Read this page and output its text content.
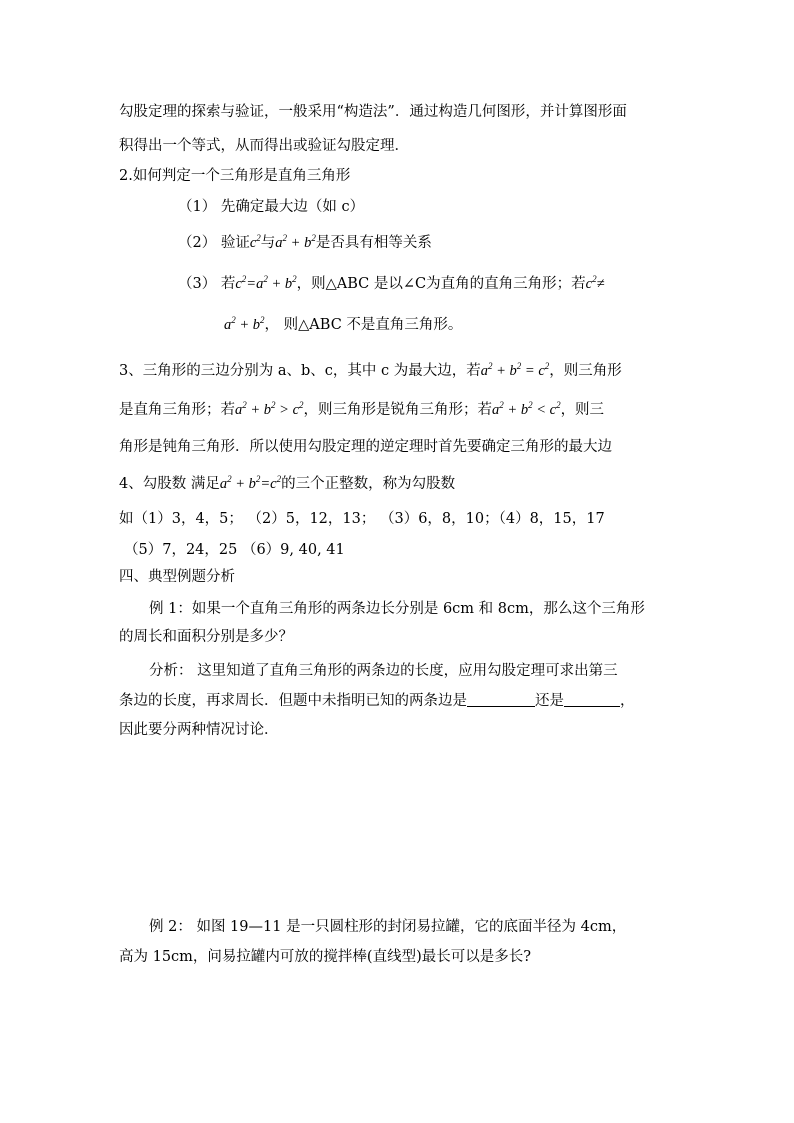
勾股定理的探索与验证，一般采用“构造法”．通过构造几何图形，并计算图形面
积得出一个等式，从而得出或验证勾股定理．
2.如何判定一个三角形是直角三角形
（1） 先确定最大边（如 c）
（2） 验证$c^2$与$a^2 + b^2$是否具有相等关系
（3） 若$c^2=a^2 + b^2$，则△ABC 是以∠C为直角的直角三角形；若$c^2\ne$
$a^2 + b^2$， 则△ABC 不是直角三角形。
3、三角形的三边分别为 a、b、c，其中 c 为最大边，若$a^2 + b^2 = c^2$，则三角形
是直角三角形；若$a^2 + b^2 > c^2$，则三角形是锐角三角形；若$a^2 + b^2 < c^2$，则三
角形是钝角三角形．所以使用勾股定理的逆定理时首先要确定三角形的最大边
4、勾股数 满足$a^2 + b^2=c^2$的三个正整数，称为勾股数
如（1）3，4，5； （2）5，12，13； （3）6，8，10；（4）8，15，17
（5）7，24，25 （6）9, 40, 41
四、典型例题分析
例 1：如果一个直角三角形的两条边长分别是 6cm 和 8cm，那么这个三角形
的周长和面积分别是多少？
分析： 这里知道了直角三角形的两条边的长度，应用勾股定理可求出第三
条边的长度，再求周长．但题中未指明已知的两条边是	还是	，
因此要分两种情况讨论．
例 2： 如图 19—11 是一只圆柱形的封闭易拉罐，它的底面半径为 4cm，
高为 15cm，问易拉罐内可放的搅拌棒(直线型)最长可以是多长?
